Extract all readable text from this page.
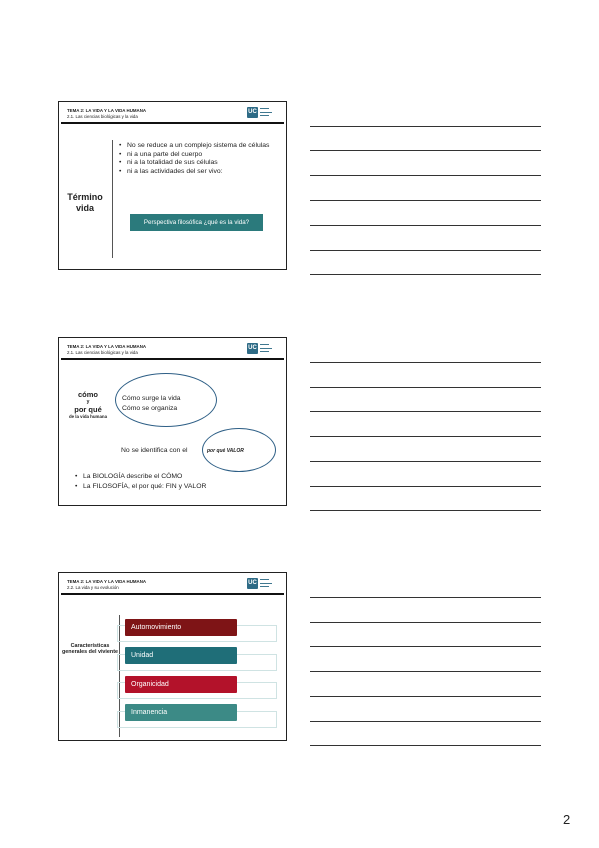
TEMA 2: LA VIDA Y LA VIDA HUMANA
2.1. Las ciencias biológicas y la vida
UC
▬▬▬
▬▬▬▬
▬▬▬
Término vida
• No se reduce a un complejo sistema de células
• ni a una parte del cuerpo
• ni a la totalidad de sus células
• ni a las actividades del ser vivo:
Perspectiva filosófica ¿qué es la vida?
TEMA 2: LA VIDA Y LA VIDA HUMANA
2.1. Las ciencias biológicas y la vida
UC
▬▬▬
▬▬▬▬
▬▬▬
cómo
y
por qué
de la vida humana
Cómo surge la vida
Cómo se organiza
No se identifica con el	por qué VALOR
• La BIOLOGÍA describe el CÓMO
• La FILOSOFÍA, el por qué: FIN y VALOR
TEMA 2: LA VIDA Y LA VIDA HUMANA
2.2. La vida y su evolución
UC
▬▬▬
▬▬▬▬
▬▬▬
Características generales del viviente
Automovimiento
Unidad
Organicidad
Inmanencia
2
